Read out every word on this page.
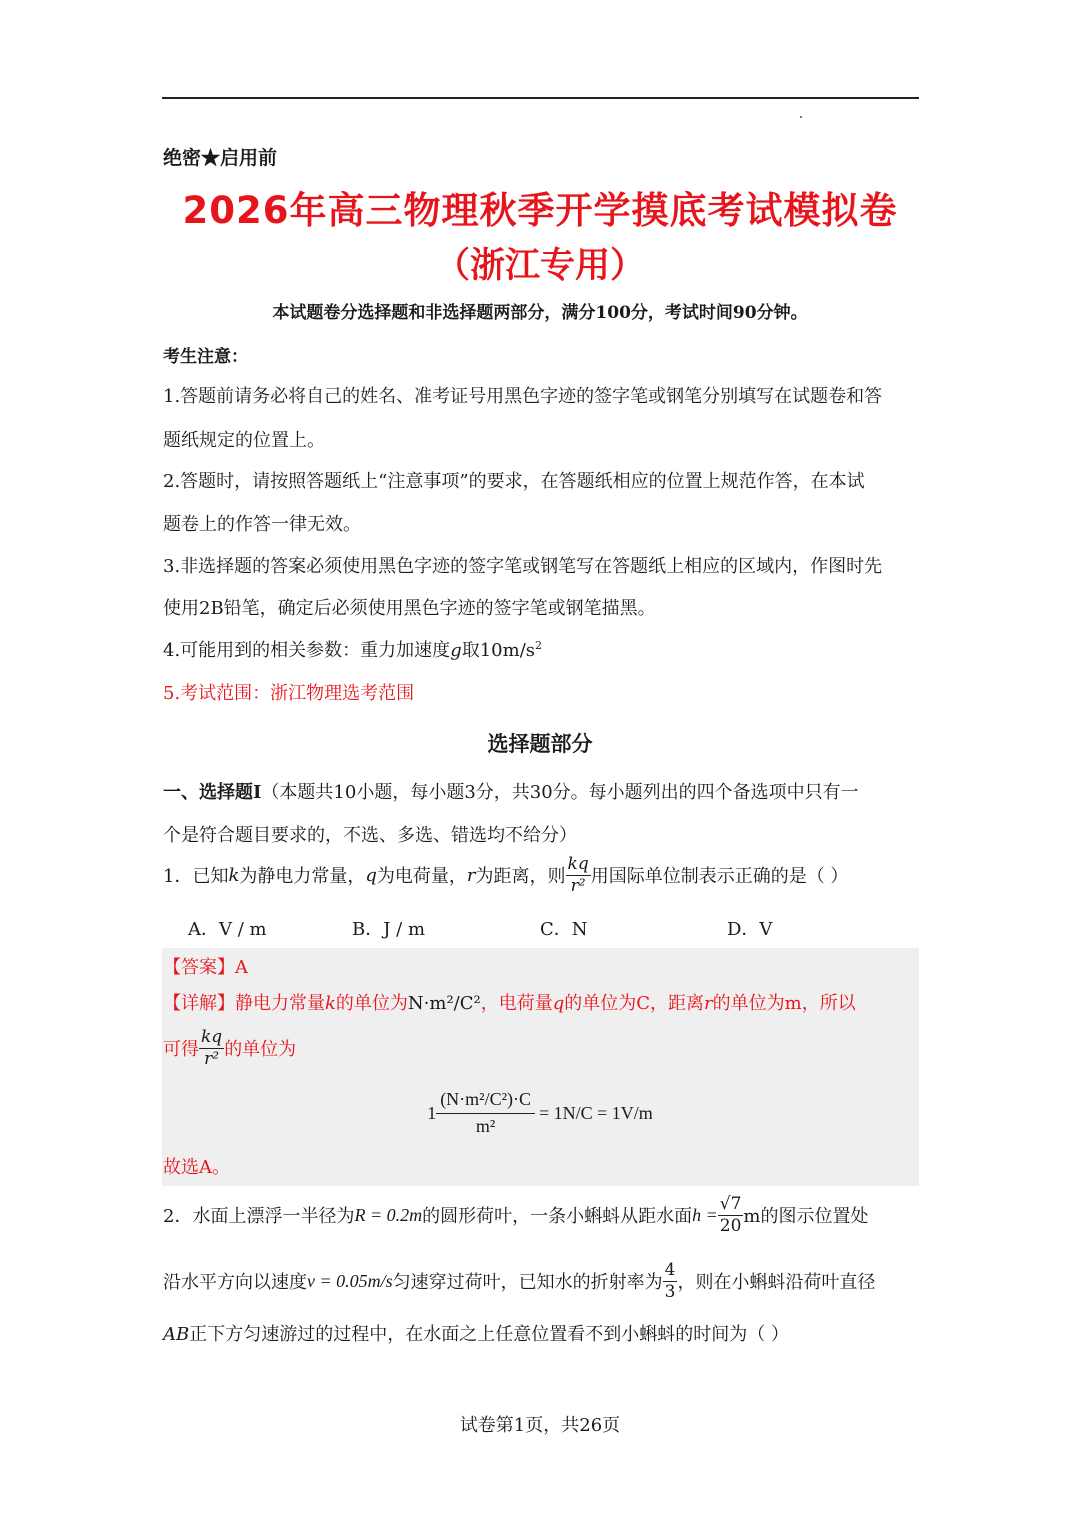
绝密★启用前
2026年高三物理秋季开学摸底考试模拟卷
（浙江专用）
本试题卷分选择题和非选择题两部分，满分100分，考试时间90分钟。
考生注意：
1.答题前请务必将自己的姓名、准考证号用黑色字迹的签字笔或钢笔分别填写在试题卷和答
题纸规定的位置上。
2.答题时，请按照答题纸上“注意事项”的要求，在答题纸相应的位置上规范作答，在本试
题卷上的作答一律无效。
3.非选择题的答案必须使用黑色字迹的签字笔或钢笔写在答题纸上相应的区域内，作图时先
使用2B铅笔，确定后必须使用黑色字迹的签字笔或钢笔描黑。
4.可能用到的相关参数：重力加速度g取$10m/s^2$
5.考试范围：浙江物理选考范围
选择题部分
一、选择题Ⅰ（本题共10小题，每小题3分，共30分。每小题列出的四个备选项中只有一
个是符合题目要求的，不选、多选、错选均不给分）
1．已知 k 为静电力常量， q 为电荷量， r 为距离，则 $\frac{kq}{\text{r²}}$ 用国际单位制表示正确的是（ ）
A．V / m	B．J / m	C．N	D．V
【答案】A
【详解】静电力常量k的单位为N·m²/C²，电荷量q的单位为C，距离r的单位为m，所以
可得 $\frac{kq}{\text{r²}}$ 的单位为
$1 \frac{\text{(N·m²/C²)·C}}{\text{m²}} = 1N/C = 1V/m$
故选A。
2．水面上漂浮一半径为 R = 0.2m 的圆形荷叶，一条小蝌蚪从距水面 $h = \frac{√7}{20}$ m的图示位置处
沿水平方向以速度 v = 0.05m/s 匀速穿过荷叶，已知水的折射率为 $\frac{4}{3}$ ，则在小蝌蚪沿荷叶直径
AB正下方匀速游过的过程中，在水面之上任意位置看不到小蝌蚪的时间为（ ）
试卷第1页，共26页
